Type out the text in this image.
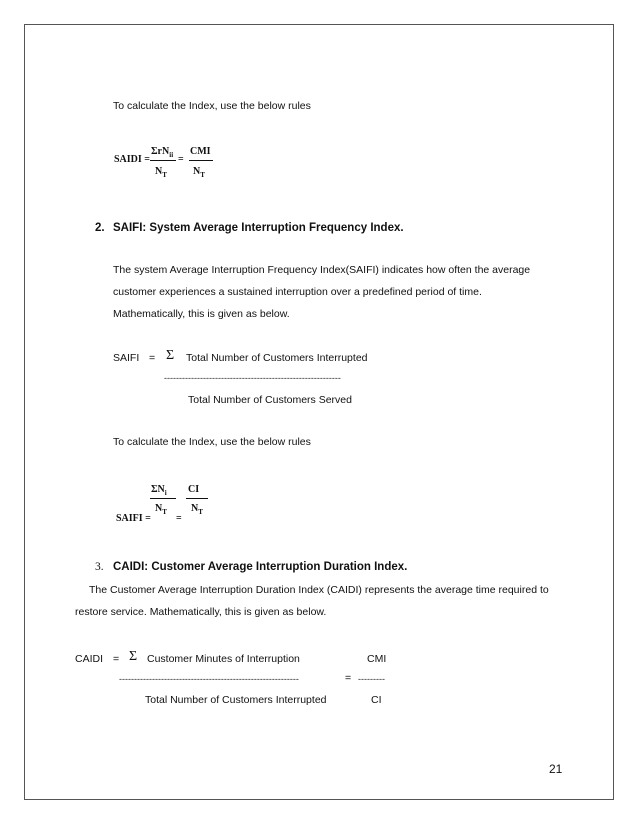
To calculate the Index, use the below rules
SAIDI =
ΣrN$_{ii}$
$N_T$
=
CMI
$N_T$
2. SAIFI: System Average Interruption Frequency Index.
The system Average Interruption Frequency Index(SAIFI) indicates how often the average
customer experiences a sustained interruption over a predefined period of time.
Mathematically, this is given as below.
SAIFI = Σ Total Number of Customers Interrupted
-----------------------------------------------------------
Total Number of Customers Served
To calculate the Index, use the below rules
$\Sigma N_i$ CI
SAIFI =
$N_T$
=
$N_T$
3. CAIDI: Customer Average Interruption Duration Index.
The Customer Average Interruption Duration Index (CAIDI) represents the average time required to
restore service. Mathematically, this is given as below.
CAIDI = Σ Customer Minutes of Interruption	CMI
------------------------------------------------------------	= ---------
Total Number of Customers Interrupted	CI
21
